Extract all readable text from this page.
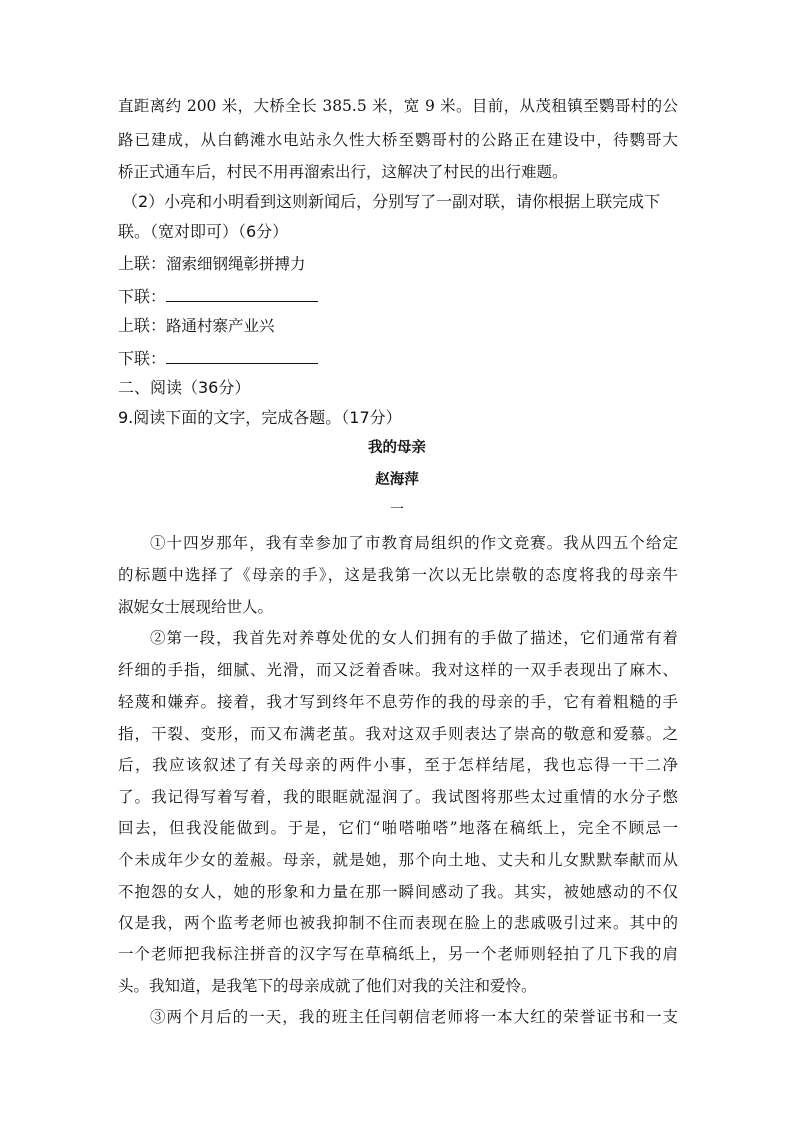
直距离约 200 米，大桥全长 385.5 米，宽 9 米。目前，从茂租镇至鹦哥村的公
路已建成，从白鹤滩水电站永久性大桥至鹦哥村的公路正在建设中，待鹦哥大
桥正式通车后，村民不用再溜索出行，这解决了村民的出行难题。
（2）小亮和小明看到这则新闻后，分别写了一副对联，请你根据上联完成下
联。（宽对即可）（6分）
上联：溜索细钢绳彰拼搏力
下联：
上联：路通村寨产业兴
下联：
二、阅读（36分）
9.阅读下面的文字，完成各题。（17分）
我的母亲
赵海萍
一
①十四岁那年，我有幸参加了市教育局组织的作文竞赛。我从四五个给定
的标题中选择了《母亲的手》，这是我第一次以无比崇敬的态度将我的母亲牛
淑妮女士展现给世人。
②第一段，我首先对养尊处优的女人们拥有的手做了描述，它们通常有着
纤细的手指，细腻、光滑，而又泛着香味。我对这样的一双手表现出了麻木、
轻蔑和嫌弃。接着，我才写到终年不息劳作的我的母亲的手，它有着粗糙的手
指，干裂、变形，而又布满老茧。我对这双手则表达了崇高的敬意和爱慕。之
后，我应该叙述了有关母亲的两件小事，至于怎样结尾，我也忘得一干二净
了。我记得写着写着，我的眼眶就湿润了。我试图将那些太过重情的水分子憋
回去，但我没能做到。于是，它们“啪嗒啪嗒”地落在稿纸上，完全不顾忌一
个未成年少女的羞赧。母亲，就是她，那个向土地、丈夫和儿女默默奉献而从
不抱怨的女人，她的形象和力量在那一瞬间感动了我。其实，被她感动的不仅
仅是我，两个监考老师也被我抑制不住而表现在脸上的悲戚吸引过来。其中的
一个老师把我标注拼音的汉字写在草稿纸上，另一个老师则轻拍了几下我的肩
头。我知道，是我笔下的母亲成就了他们对我的关注和爱怜。
③两个月后的一天，我的班主任闫朝信老师将一本大红的荣誉证书和一支
